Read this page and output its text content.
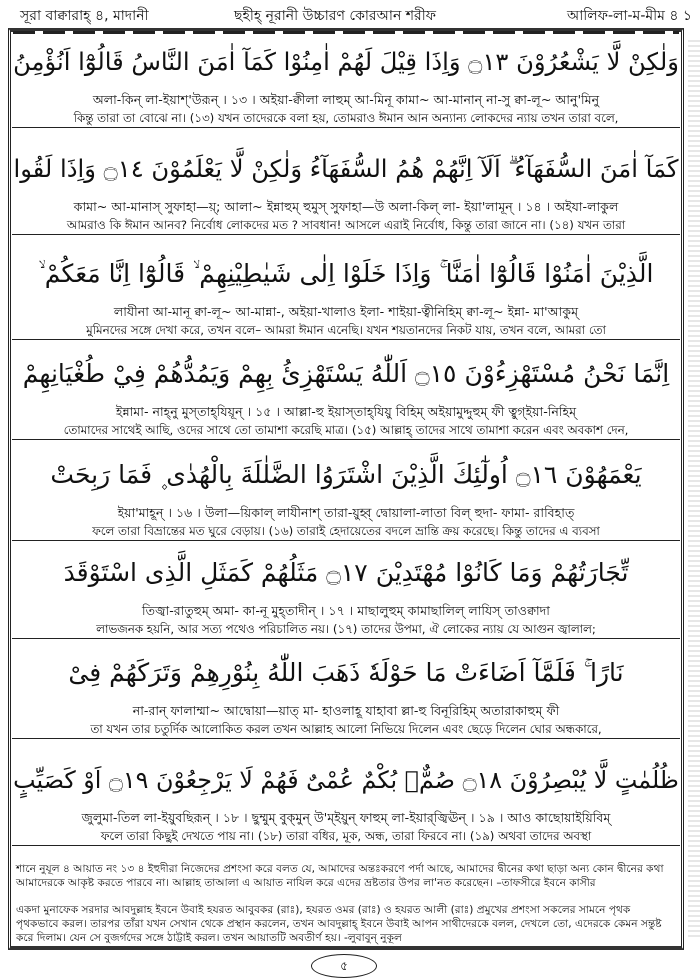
সূরা বাক্বারাহ্ ৪, মাদানী	ছহীহ্ নূরানী উচ্চারণ কোরআন শরীফ	আলিফ-লা-ম-মীম ৪ ১
وَلٰكِنْ لَّا يَشْعُرُوْنَ ۝١٣ وَاِذَا قِيْلَ لَهُمْ اٰمِنُوْا كَمَآ اٰمَنَ النَّاسُ قَالُوْٓا اَنُؤْمِنُ
অলা-কিন্ লা-ইয়াশ্‌'উরূন্ । ১৩ । অইয়া-ক্বীলা লাহুম্ আ-মিনূ কামা~ আ-মানান্ না-সু ক্বা-লূ~ আনু'মিনু
কিন্তু তারা তা বোঝে না। (১৩) যখন তাদেরকে বলা হয়, তোমরাও ঈমান আন অন্যান্য লোকদের ন্যায় তখন তারা বলে,
كَمَآ اٰمَنَ السُّفَهَآءُ ۗ اَلَآ اِنَّهُمْ هُمُ السُّفَهَآءُ وَلٰكِنْ لَّا يَعْلَمُوْنَ ۝١٤ وَاِذَا لَقُوا
কামা~ আ-মানাস্ সুফাহা—য়্; আলা~ ইন্নাহুম্ হুমুস্ সুফাহা—উ অলা-কিল্ লা- ইয়া'লামূন্ । ১৪ । অইযা-লাকুল
আমরাও কি ঈমান আনব? নির্বোধ লোকদের মত ? সাবধান! আসলে এরাই নির্বোধ, কিন্তু তারা জানে না। (১৪) যখন তারা
الَّذِيْنَ اٰمَنُوْا قَالُوْٓا اٰمَنَّا ۚ وَاِذَا خَلَوْا اِلٰى شَيٰطِيْنِهِمْ ۙ قَالُوْٓا اِنَّا مَعَكُمْ ۙ
লাযীনা আ-মানূ ক্বা-লূ~ আ-মান্না-, অইয়া-খালাও ইলা- শাইয়া-ত্বীনিহিম্ ক্বা-লূ~ ইন্না- মা'আকুম্
মুমিনদের সঙ্গে দেখা করে, তখন বলে– আমরা ঈমান এনেছি। যখন শয়তানদের নিকট যায়, তখন বলে, আমরা তো
اِنَّمَا نَحْنُ مُسْتَهْزِءُوْنَ ۝١٥ اَللّٰهُ يَسْتَهْزِئُ بِهِمْ وَيَمُدُّهُمْ فِيْ طُغْيَانِهِمْ
ইন্নামা- নাহ্‌নু মুস্‌তাহ্‌যিয়ূন্ । ১৫ । আল্লা-হু ইয়াস্‌তাহ্‌যিয়ু বিহিম্ অইয়ামুদ্দুহুম্ ফী ত্বুগ্‌ইয়া-নিহিম্
তোমাদের সাথেই আছি, ওদের সাথে তো তামাশা করেছি মাত্র। (১৫) আল্লাহ্ তাদের সাথে তামাশা করেন এবং অবকাশ দেন,
يَعْمَهُوْنَ ۝١٦ اُولٰٓئِكَ الَّذِيْنَ اشْتَرَوُا الضَّلٰلَةَ بِالْهُدٰى ۪ فَمَا رَبِحَتْ
ইয়া'মাহূন্ । ১৬ । উলা—য়িকাল্ লাযীনাশ্ তারা-য়ুহ্ব্ দ্বোয়ালা-লাতা বিল্ হুদা- ফামা- রাবিহাত্
ফলে তারা বিভ্রান্তের মত ঘুরে বেড়ায়। (১৬) তারাই হেদায়েতের বদলে ভ্রান্তি ক্রয় করেছে। কিন্তু তাদের এ ব্যবসা
تِّجَارَتُهُمْ وَمَا كَانُوْا مُهْتَدِيْنَ ۝١٧ مَثَلُهُمْ كَمَثَلِ الَّذِى اسْتَوْقَدَ
তিজ্বা-রাতুহুম্ অমা- কা-নূ মুহ্‌তাদীন্ । ১৭ । মাছালুহুম্ কামাছালিল্ লাযিস্ তাওক্বাদা
লাভজনক হয়নি, আর সত্য পথেও পরিচালিত নয়। (১৭) তাদের উপমা, ঐ লোকের ন্যায় যে আগুন জ্বালাল;
نَارًا ۚ فَلَمَّآ اَضَاءَتْ مَا حَوْلَهٗ ذَهَبَ اللّٰهُ بِنُوْرِهِمْ وَتَرَكَهُمْ فِىْ
না-রান্ ফালাম্মা~ আদ্বোয়া—য়াত্ মা- হাওলাহূ যাহাবা ল্লা-হু বিনূরিহিম্ অতারাকাহুম্ ফী
তা যখন তার চতুর্দিক আলোকিত করল তখন আল্লাহ আলো নিভিয়ে দিলেন এবং ছেড়ে দিলেন ঘোর অন্ধকারে,
ظُلُمٰتٍ لَّا يُبْصِرُوْنَ ۝١٨ صُمٌّۢ بُكْمٌ عُمْىٌ فَهُمْ لَا يَرْجِعُوْنَ ۝١٩ اَوْ كَصَيِّبٍ
জুলুমা-তিল লা-ইয়ুবছিরূন্ । ১৮ । ছুম্মুম্ বুক্‌মুন্ উ'ম্‌ইয়ুন্ ফাহুম্ লা-ইয়ার্‌জ্বিঊন্ । ১৯ । আও কাছোয়াইয়িবিম্
ফলে তারা কিছুই দেখতে পায় না। (১৮) তারা বধির, মূক, অন্ধ, তারা ফিরবে না। (১৯) অথবা তাদের অবস্থা

শানে নুযূল ৪ আয়াত নং ১৩ ৪ ইহুদীরা নিজেদের প্রশংসা করে বলত যে, আমাদের অন্তঃকরণে পর্দা আছে, আমাদের দ্বীনের কথা ছাড়া অন্য কোন দ্বীনের কথা আমাদেরকে আকৃষ্ট করতে পারবে না। আল্লাহ তাআলা এ আয়াত নাযিল করে এদের ভ্রষ্টতার উপর লা'নত করেছেন। –তাফসীরে ইবনে কাসীর

একদা মুনাফেক সরদার আবদুল্লাহ ইবনে উবাই হযরত আবুবকর (রাঃ), হযরত ওমর (রাঃ) ও হযরত আলী (রাঃ) প্রমুখের প্রশংসা সকলের সামনে পৃথক পৃথকভাবে করল। তারপর তাঁরা যখন সেখান থেকে প্রস্থান করলেন, তখন আবদুল্লাহ্ ইবনে উবাই আপন সাথীদেরকে বলল, দেখলে তো, এদেরকে কেমন সন্তুষ্ট করে দিলাম। যেন সে বুজর্গদের সঙ্গে ঠাট্টাই করল। তখন আয়াতটি অবতীর্ণ হয়। -লুবাবুন্ নুকূল

৫
